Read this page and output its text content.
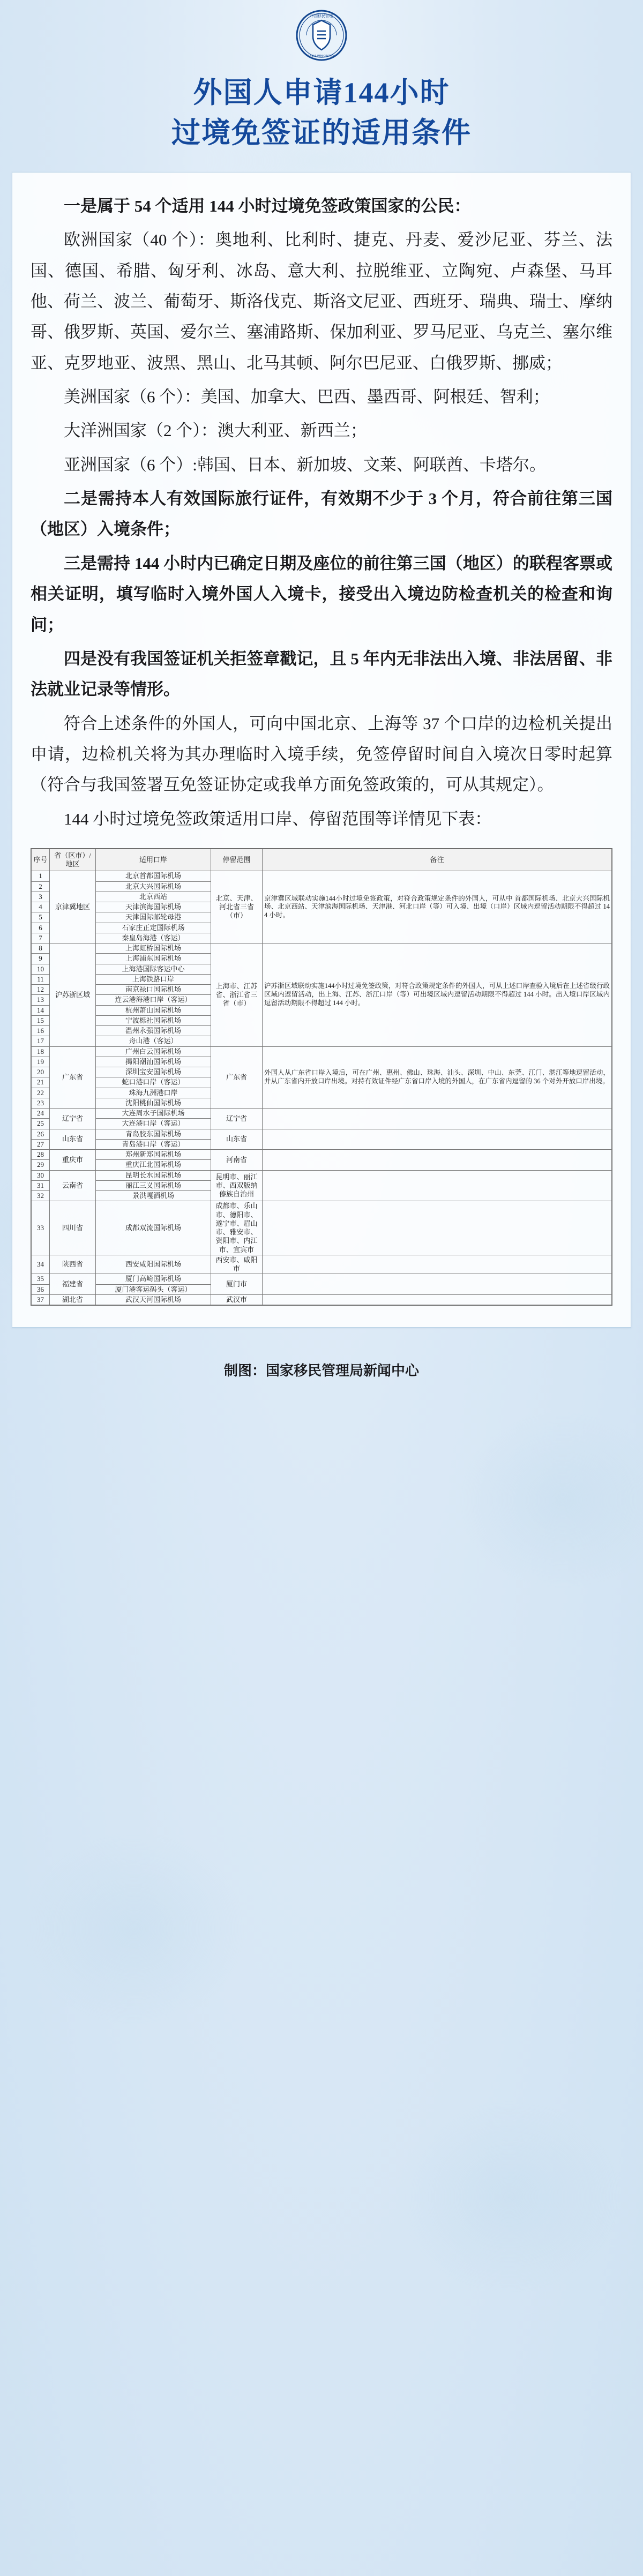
中国移民管理
CHINA IMMIGRATION
外国人申请144小时
过境免签证的适用条件

一是属于 54 个适用 144 小时过境免签政策国家的公民：

欧洲国家（40 个）：奥地利、比利时、捷克、丹麦、爱沙尼亚、芬兰、法国、德国、希腊、匈牙利、冰岛、意大利、拉脱维亚、立陶宛、卢森堡、马耳他、荷兰、波兰、葡萄牙、斯洛伐克、斯洛文尼亚、西班牙、瑞典、瑞士、摩纳哥、俄罗斯、英国、爱尔兰、塞浦路斯、保加利亚、罗马尼亚、乌克兰、塞尔维亚、克罗地亚、波黑、黑山、北马其顿、阿尔巴尼亚、白俄罗斯、挪威；

美洲国家（6 个）：美国、加拿大、巴西、墨西哥、阿根廷、智利；

大洋洲国家（2 个）：澳大利亚、新西兰；

亚洲国家（6 个）:韩国、日本、新加坡、文莱、阿联酋、卡塔尔。

二是需持本人有效国际旅行证件，有效期不少于 3 个月，符合前往第三国（地区）入境条件；

三是需持 144 小时内已确定日期及座位的前往第三国（地区）的联程客票或相关证明，填写临时入境外国人入境卡，接受出入境边防检查机关的检查和询问；

四是没有我国签证机关拒签章戳记，且 5 年内无非法出入境、非法居留、非法就业记录等情形。

符合上述条件的外国人，可向中国北京、上海等 37 个口岸的边检机关提出申请，边检机关将为其办理临时入境手续，免签停留时间自入境次日零时起算（符合与我国签署互免签证协定或我单方面免签政策的，可从其规定）。

144 小时过境免签政策适用口岸、停留范围等详情见下表：

序号	省（区市）/地区	适用口岸	停留范围	备注
1	京津冀地区	北京首都国际机场	北京、天津、河北省三省（市）	京津冀区域联动实施144小时过境免签政策，对符合政策规定条件的外国人，可从中 首都国际机场、北京大兴国际机场、北京西站、天津滨海国际机场、天津港、河北口岸（等）可入境、出境（口岸）区域内逗留活动期限不得超过 144 小时。
2		北京大兴国际机场		
3		北京西站		
4		天津滨海国际机场		
5		天津国际邮轮母港		
6		石家庄正定国际机场		
7		秦皇岛海港（客运）		
8	沪苏浙区域	上海虹桥国际机场	上海市、江苏省、浙江省三省（市）	沪苏浙区域联动实施144小时过境免签政策，对符合政策规定条件的外国人，可从上述口岸查验入境后在上述省级行政区域内逗留活动，出上海、江苏、浙江口岸（等）可出境区域内逗留活动期限不得超过 144 小时。出入境口岸区域内逗留活动期限不得超过 144 小时。
9		上海浦东国际机场		
10		上海港国际客运中心		
11		上海铁路口岸		
12		南京禄口国际机场		
13		连云港海港口岸（客运）		
14		杭州萧山国际机场		
15		宁波栎社国际机场		
16		温州永强国际机场		
17		舟山港（客运）		
18	广东省	广州白云国际机场	广东省	外国人从广东省口岸入境后，可在广州、惠州、佛山、珠海、汕头、深圳、中山、东莞、江门、湛江等地逗留活动，并从广东省内开放口岸出境。对持有效证件经广东省口岸入境的外国人，在广东省内逗留的 36 个对外开放口岸出境。
19		揭阳潮汕国际机场		
20		深圳宝安国际机场		
21		蛇口港口岸（客运）		
22		珠海九洲港口岸		
23		沈阳桃仙国际机场		
24	辽宁省	大连周水子国际机场	辽宁省	
25		大连港口岸（客运）		
26	山东省	青岛胶东国际机场	山东省	
27		青岛港口岸（客运）		
28	重庆市	郑州新郑国际机场	河南省	
29		重庆江北国际机场		
30	云南省	昆明长水国际机场	昆明市、丽江市、西双版纳傣族自治州	
31		丽江三义国际机场		
32		景洪嘎洒机场		
33	四川省	成都双流国际机场	成都市、乐山市、德阳市、遂宁市、眉山市、雅安市、资阳市、内江市、宜宾市	
34	陕西省	西安咸阳国际机场	西安市、咸阳市	
35	福建省	厦门高崎国际机场	厦门市	
36		厦门港客运码头（客运）		
37	湖北省	武汉天河国际机场	武汉市	
制图：国家移民管理局新闻中心
